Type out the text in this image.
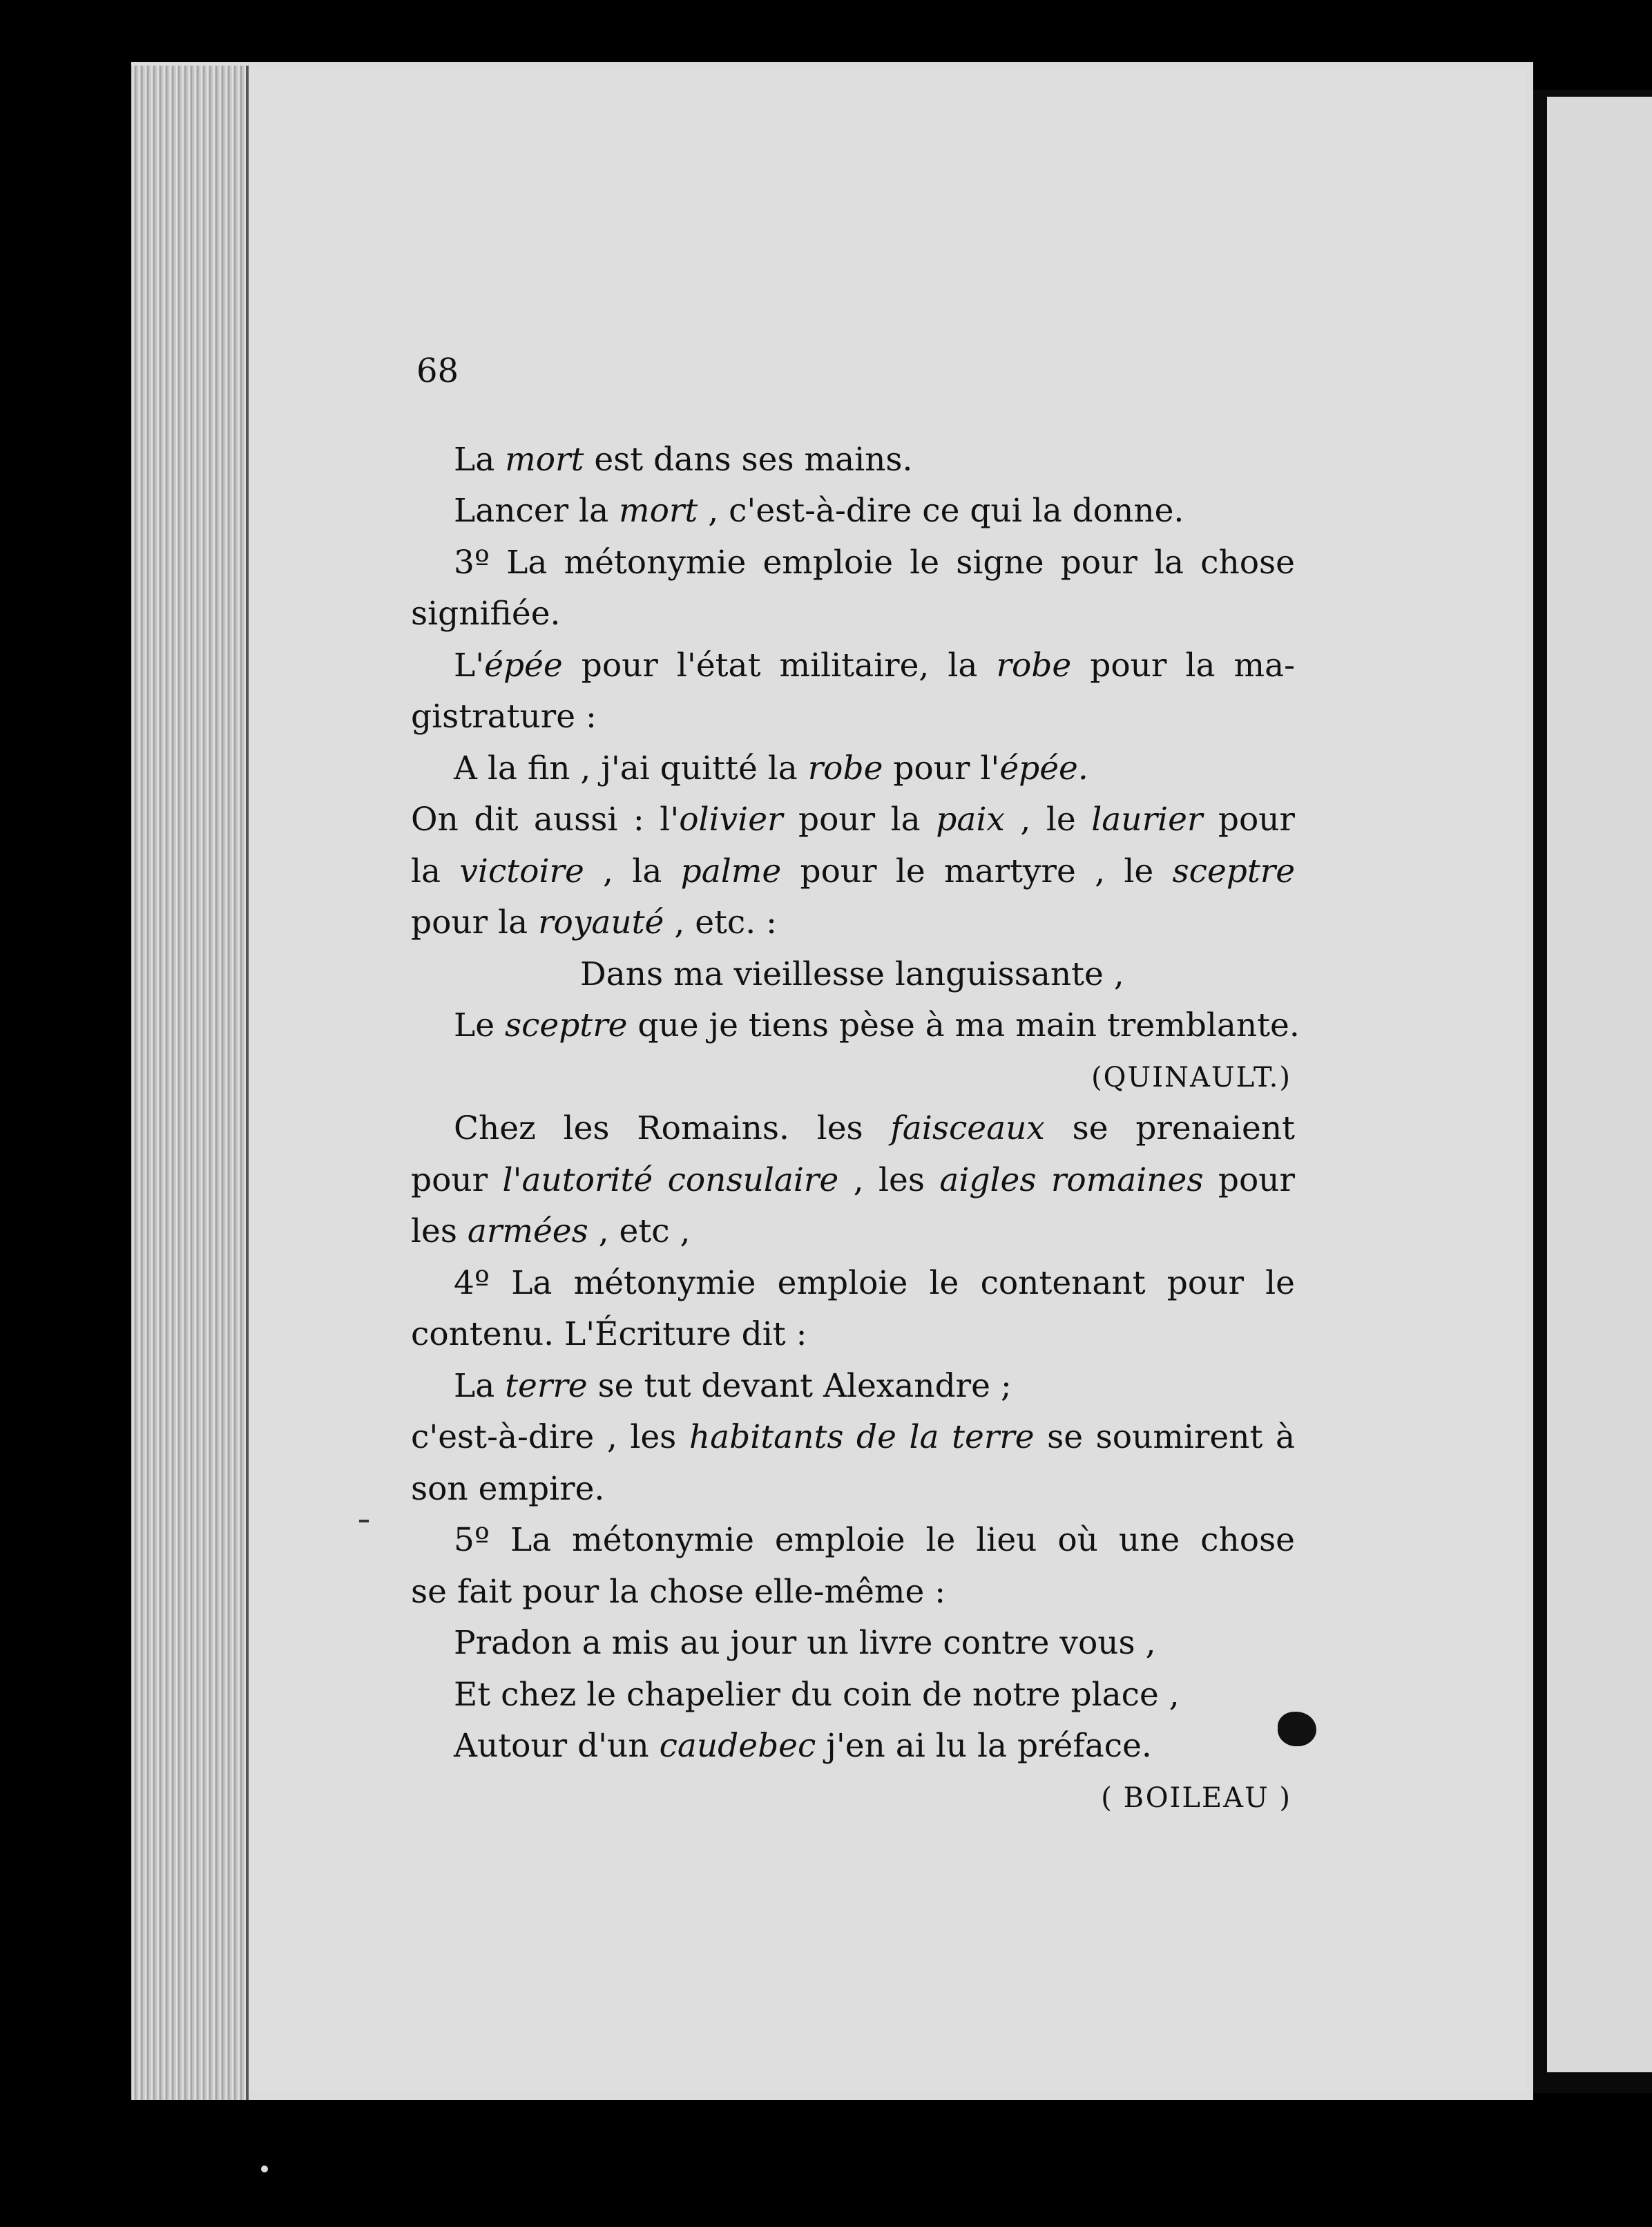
68
La mort est dans ses mains.
Lancer la mort , c'est-à-dire ce qui la donne.
3º La métonymie emploie le signe pour la chose
signifiée.
L'épée pour l'état militaire, la robe pour la ma-
gistrature :
A la fin , j'ai quitté la robe pour l'épée.
On dit aussi : l'olivier pour la paix , le laurier pour
la victoire , la palme pour le martyre , le sceptre
pour la royauté , etc. :
Dans ma vieillesse languissante ,
Le sceptre que je tiens pèse à ma main tremblante.
(QUINAULT.)
Chez les Romains. les faisceaux se prenaient
pour l'autorité consulaire , les aigles romaines pour
les armées , etc ,
4º La métonymie emploie le contenant pour le
contenu. L'Écriture dit :
La terre se tut devant Alexandre ;
c'est-à-dire , les habitants de la terre se soumirent à
son empire.
5º La métonymie emploie le lieu où une chose
se fait pour la chose elle-même :
Pradon a mis au jour un livre contre vous ,
Et chez le chapelier du coin de notre place ,
Autour d'un caudebec j'en ai lu la préface.
( BOILEAU )
